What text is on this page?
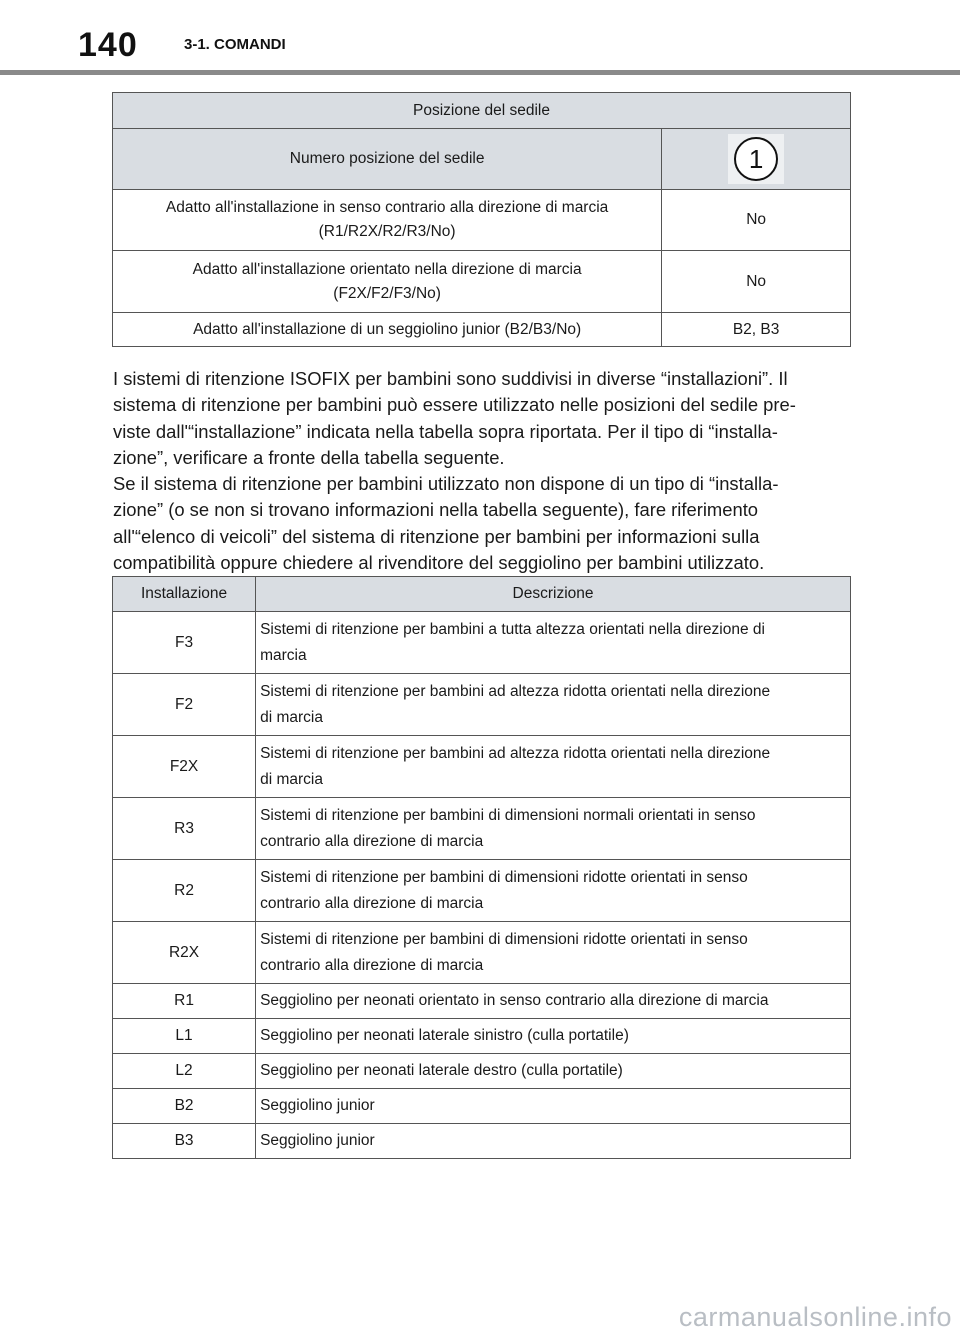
140	3-1. COMANDI
Posizione del sedile	
Numero posizione del sedile	1

Adatto all'installazione in senso contrario alla direzione di marcia
(R1/R2X/R2/R3/No)	No

Adatto all'installazione orientato nella direzione di marcia
(F2X/F2/F3/No)	No
Adatto all'installazione di un seggiolino junior (B2/B3/No)	B2, B3

I sistemi di ritenzione ISOFIX per bambini sono suddivisi in diverse “installazioni”. Il
sistema di ritenzione per bambini può essere utilizzato nelle posizioni del sedile pre-
viste dall'“installazione” indicata nella tabella sopra riportata. Per il tipo di “installa-
zione”, verificare a fronte della tabella seguente.

Se il sistema di ritenzione per bambini utilizzato non dispone di un tipo di “installa-
zione” (o se non si trovano informazioni nella tabella seguente), fare riferimento
all'“elenco di veicoli” del sistema di ritenzione per bambini per informazioni sulla
compatibilità oppure chiedere al rivenditore del seggiolino per bambini utilizzato.

Installazione	Descrizione
F3	Sistemi di ritenzione per bambini a tutta altezza orientati nella direzione di
marcia
F2	Sistemi di ritenzione per bambini ad altezza ridotta orientati nella direzione
di marcia
F2X	Sistemi di ritenzione per bambini ad altezza ridotta orientati nella direzione
di marcia
R3	Sistemi di ritenzione per bambini di dimensioni normali orientati in senso
contrario alla direzione di marcia
R2	Sistemi di ritenzione per bambini di dimensioni ridotte orientati in senso
contrario alla direzione di marcia
R2X	Sistemi di ritenzione per bambini di dimensioni ridotte orientati in senso
contrario alla direzione di marcia
R1	Seggiolino per neonati orientato in senso contrario alla direzione di marcia
L1	Seggiolino per neonati laterale sinistro (culla portatile)
L2	Seggiolino per neonati laterale destro (culla portatile)
B2	Seggiolino junior
B3	Seggiolino junior
carmanualsonline.info
